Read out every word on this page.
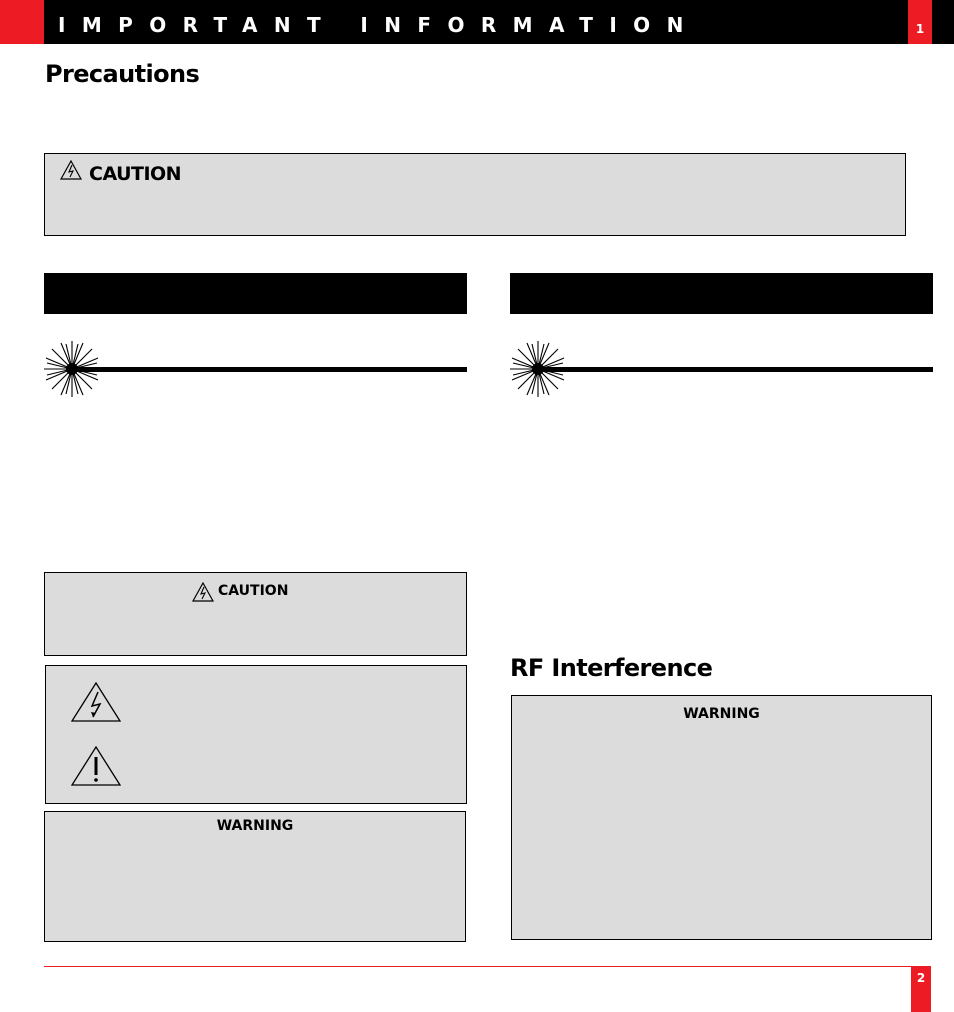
IMPORTANT INFORMATION	1
Precautions
CAUTION
CAUTION
WARNING
RF Interference
WARNING
2
